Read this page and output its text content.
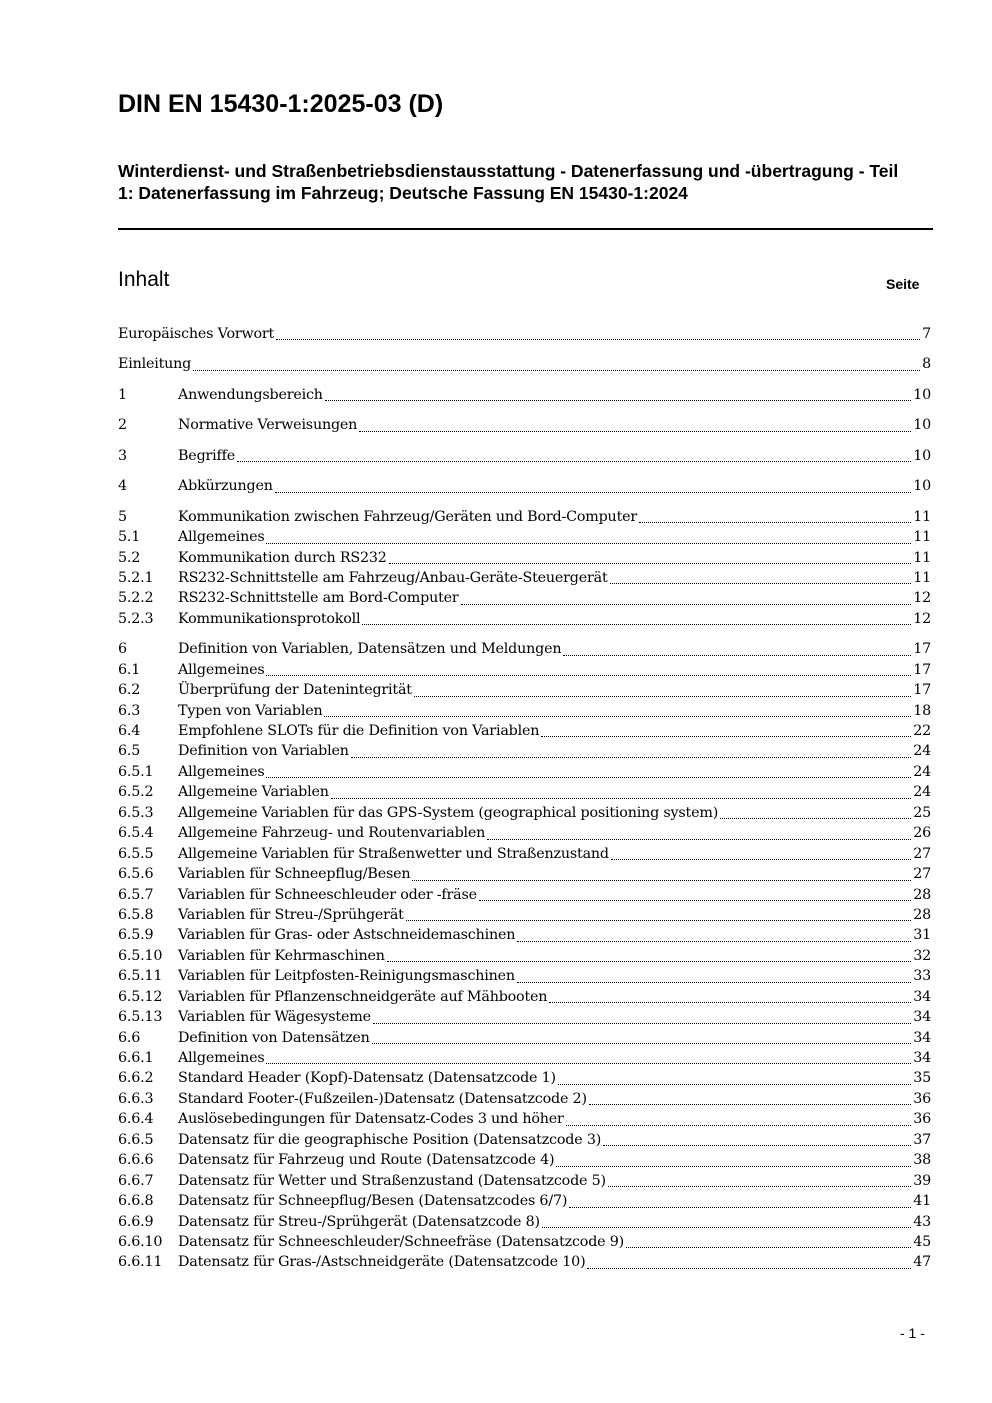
DIN EN 15430-1:2025-03 (D)
Winterdienst- und Straßenbetriebsdienstausstattung - Datenerfassung und -übertragung - Teil 1: Datenerfassung im Fahrzeug; Deutsche Fassung EN 15430-1:2024
Inhalt	Seite
Europäisches Vorwort	7
Einleitung	8
1	Anwendungsbereich	10
2	Normative Verweisungen	10
3	Begriffe	10
4	Abkürzungen	10
5	Kommunikation zwischen Fahrzeug/Geräten und Bord-Computer	11
5.1	Allgemeines	11
5.2	Kommunikation durch RS232	11
5.2.1	RS232-Schnittstelle am Fahrzeug/Anbau-Geräte-Steuergerät	11
5.2.2	RS232-Schnittstelle am Bord-Computer	12
5.2.3	Kommunikationsprotokoll	12
6	Definition von Variablen, Datensätzen und Meldungen	17
6.1	Allgemeines	17
6.2	Überprüfung der Datenintegrität	17
6.3	Typen von Variablen	18
6.4	Empfohlene SLOTs für die Definition von Variablen	22
6.5	Definition von Variablen	24
6.5.1	Allgemeines	24
6.5.2	Allgemeine Variablen	24
6.5.3	Allgemeine Variablen für das GPS-System (geographical positioning system)	25
6.5.4	Allgemeine Fahrzeug- und Routenvariablen	26
6.5.5	Allgemeine Variablen für Straßenwetter und Straßenzustand	27
6.5.6	Variablen für Schneepflug/Besen	27
6.5.7	Variablen für Schneeschleuder oder -fräse	28
6.5.8	Variablen für Streu-/Sprühgerät	28
6.5.9	Variablen für Gras- oder Astschneidemaschinen	31
6.5.10	Variablen für Kehrmaschinen	32
6.5.11	Variablen für Leitpfosten-Reinigungsmaschinen	33
6.5.12	Variablen für Pflanzenschneidgeräte auf Mähbooten	34
6.5.13	Variablen für Wägesysteme	34
6.6	Definition von Datensätzen	34
6.6.1	Allgemeines	34
6.6.2	Standard Header (Kopf)-Datensatz (Datensatzcode 1)	35
6.6.3	Standard Footer-(Fußzeilen-)Datensatz (Datensatzcode 2)	36
6.6.4	Auslösebedingungen für Datensatz-Codes 3 und höher	36
6.6.5	Datensatz für die geographische Position (Datensatzcode 3)	37
6.6.6	Datensatz für Fahrzeug und Route (Datensatzcode 4)	38
6.6.7	Datensatz für Wetter und Straßenzustand (Datensatzcode 5)	39
6.6.8	Datensatz für Schneepflug/Besen (Datensatzcodes 6/7)	41
6.6.9	Datensatz für Streu-/Sprühgerät (Datensatzcode 8)	43
6.6.10	Datensatz für Schneeschleuder/Schneefräse (Datensatzcode 9)	45
6.6.11	Datensatz für Gras-/Astschneidgeräte (Datensatzcode 10)	47
- 1 -
